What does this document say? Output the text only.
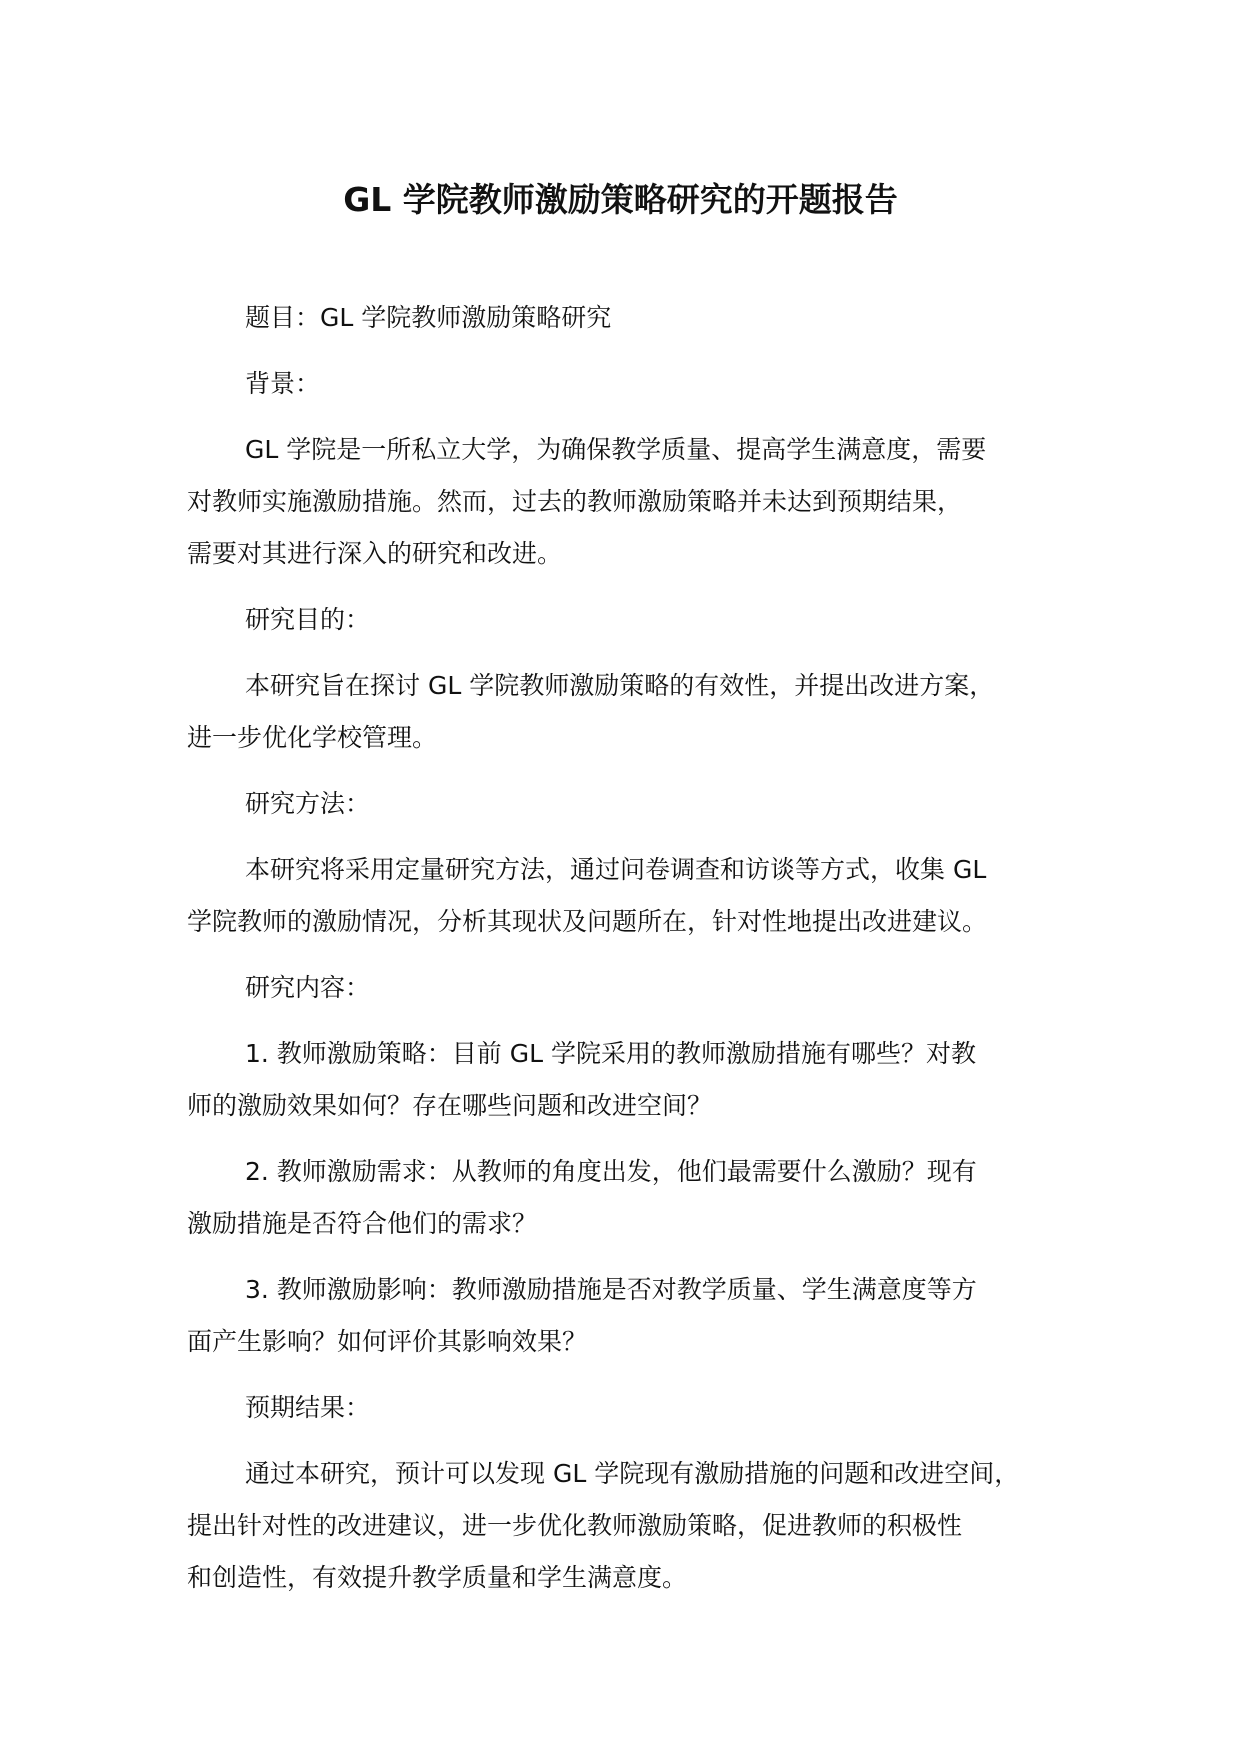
GL 学院教师激励策略研究的开题报告
题目：GL 学院教师激励策略研究
背景：
GL 学院是一所私立大学，为确保教学质量、提高学生满意度，需要
对教师实施激励措施。然而，过去的教师激励策略并未达到预期结果，
需要对其进行深入的研究和改进。
研究目的：
本研究旨在探讨 GL 学院教师激励策略的有效性，并提出改进方案，
进一步优化学校管理。
研究方法：
本研究将采用定量研究方法，通过问卷调查和访谈等方式，收集 GL
学院教师的激励情况，分析其现状及问题所在，针对性地提出改进建议。
研究内容：
1. 教师激励策略：目前 GL 学院采用的教师激励措施有哪些？对教
师的激励效果如何？存在哪些问题和改进空间？
2. 教师激励需求：从教师的角度出发，他们最需要什么激励？现有
激励措施是否符合他们的需求？
3. 教师激励影响：教师激励措施是否对教学质量、学生满意度等方
面产生影响？如何评价其影响效果？
预期结果：
通过本研究，预计可以发现 GL 学院现有激励措施的问题和改进空间，
提出针对性的改进建议，进一步优化教师激励策略，促进教师的积极性
和创造性，有效提升教学质量和学生满意度。
